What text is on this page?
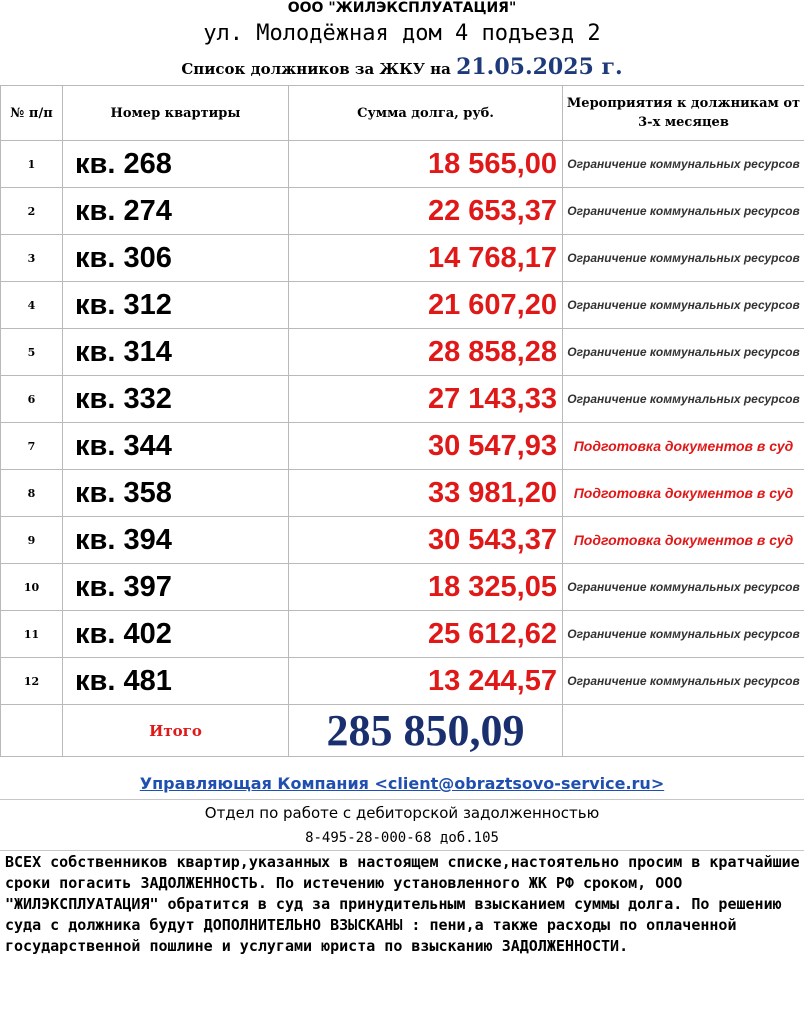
ООО "ЖИЛЭКСПЛУАТАЦИЯ"
ул. Молодёжная дом 4 подъезд 2
Список должников за ЖКУ на 21.05.2025 г.
№ п/п	Номер квартиры	Сумма долга, руб.	Мероприятия к должникам от 3-х месяцев
1	кв. 268	18 565,00	Ограничение коммунальных ресурсов
2	кв. 274	22 653,37	Ограничение коммунальных ресурсов
3	кв. 306	14 768,17	Ограничение коммунальных ресурсов
4	кв. 312	21 607,20	Ограничение коммунальных ресурсов
5	кв. 314	28 858,28	Ограничение коммунальных ресурсов
6	кв. 332	27 143,33	Ограничение коммунальных ресурсов
7	кв. 344	30 547,93	Подготовка документов в суд
8	кв. 358	33 981,20	Подготовка документов в суд
9	кв. 394	30 543,37	Подготовка документов в суд
10	кв. 397	18 325,05	Ограничение коммунальных ресурсов
11	кв. 402	25 612,62	Ограничение коммунальных ресурсов
12	кв. 481	13 244,57	Ограничение коммунальных ресурсов
	Итого	285 850,09	
Управляющая Компания <client@obraztsovo-service.ru>
Отдел по работе с дебиторской задолженностью
8-495-28-000-68 доб.105
ВСЕХ собственников квартир,указанных в настоящем списке,настоятельно просим в кратчайшие сроки погасить ЗАДОЛЖЕННОСТЬ. По истечению установленного ЖК РФ сроком, ООО "ЖИЛЭКСПЛУАТАЦИЯ" обратится в суд за принудительным взысканием суммы долга. По решению суда с должника будут ДОПОЛНИТЕЛЬНО ВЗЫСКАНЫ : пени,а также расходы по оплаченной государственной пошлине и услугами юриста по взысканию ЗАДОЛЖЕННОСТИ.
